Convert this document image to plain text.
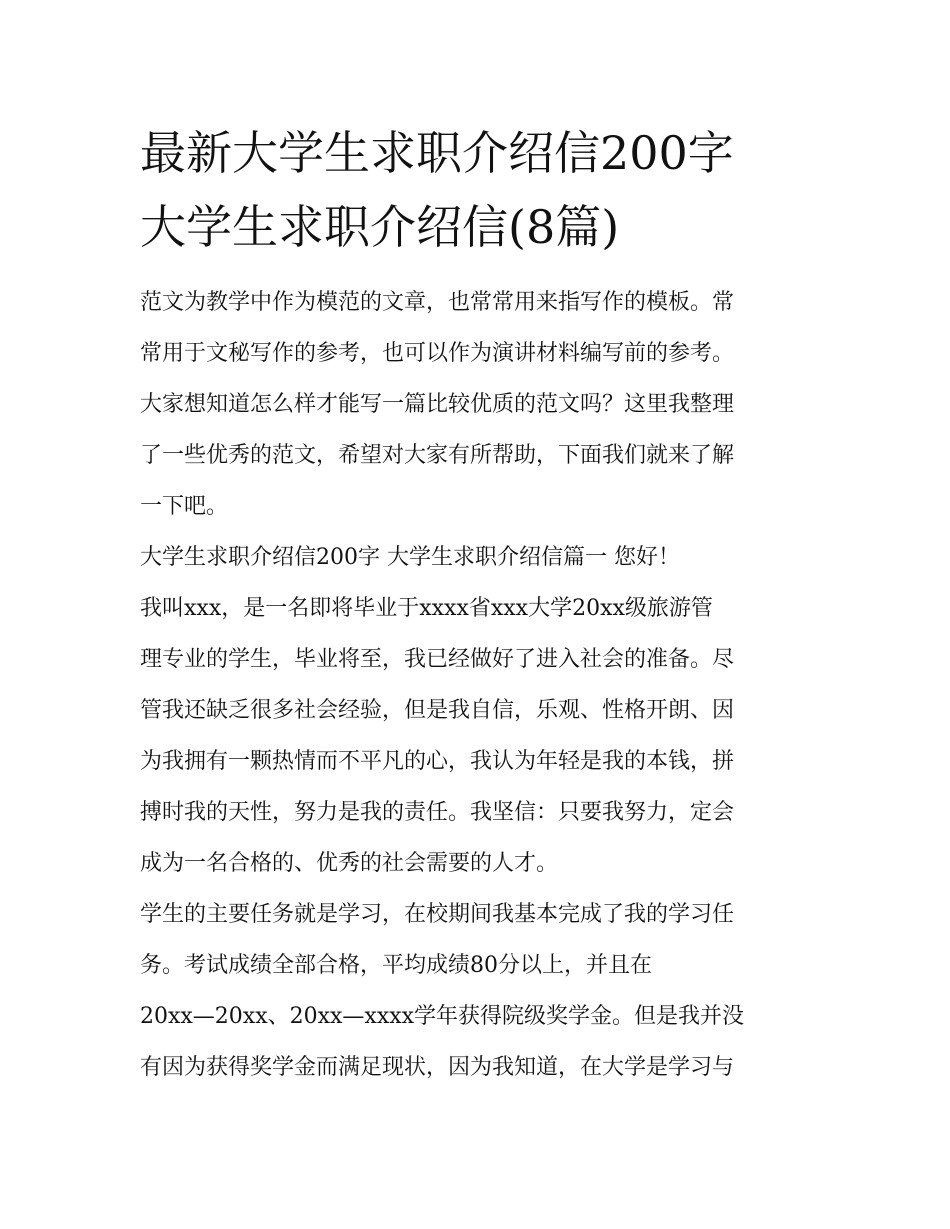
最新大学生求职介绍信200字
大学生求职介绍信(8篇)

范文为教学中作为模范的文章，也常常用来指写作的模板。常
常用于文秘写作的参考，也可以作为演讲材料编写前的参考。
大家想知道怎么样才能写一篇比较优质的范文吗？这里我整理
了一些优秀的范文，希望对大家有所帮助，下面我们就来了解
一下吧。

大学生求职介绍信200字 大学生求职介绍信篇一 您好！

我叫xxx，是一名即将毕业于xxxx省xxx大学20xx级旅游管
理专业的学生，毕业将至，我已经做好了进入社会的准备。尽
管我还缺乏很多社会经验，但是我自信，乐观、性格开朗、因
为我拥有一颗热情而不平凡的心，我认为年轻是我的本钱，拼
搏时我的天性，努力是我的责任。我坚信：只要我努力，定会
成为一名合格的、优秀的社会需要的人才。

学生的主要任务就是学习，在校期间我基本完成了我的学习任
务。考试成绩全部合格，平均成绩80分以上，并且在
20xx—20xx、20xx—xxxx学年获得院级奖学金。但是我并没
有因为获得奖学金而满足现状，因为我知道，在大学是学习与
